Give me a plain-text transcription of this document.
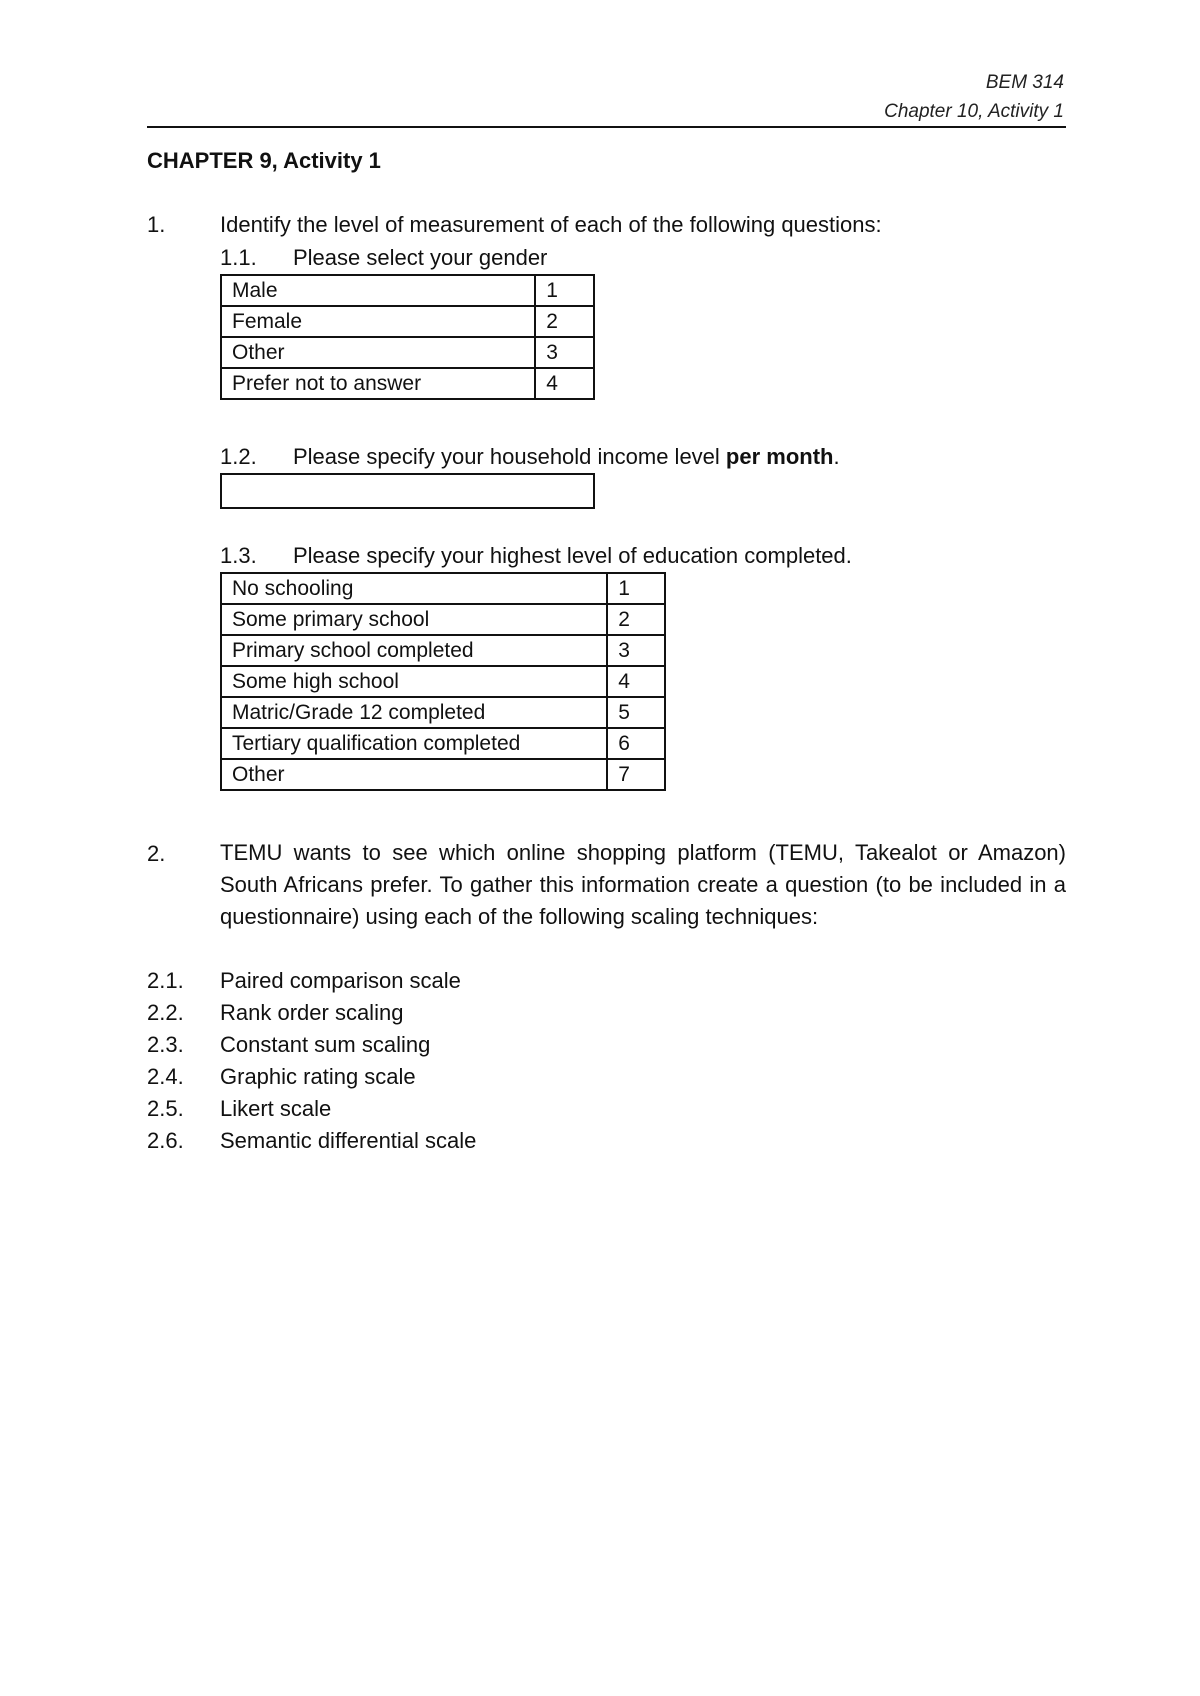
BEM 314
Chapter 10, Activity 1
CHAPTER 9, Activity 1
1. Identify the level of measurement of each of the following questions:
1.1. Please select your gender
Male	1
Female	2
Other	3
Prefer not to answer	4
1.2. Please specify your household income level per month.
1.3. Please specify your highest level of education completed.
No schooling	1
Some primary school	2
Primary school completed	3
Some high school	4
Matric/Grade 12 completed	5
Tertiary qualification completed	6
Other	7
2. TEMU wants to see which online shopping platform (TEMU, Takealot or Amazon) South Africans prefer. To gather this information create a question (to be included in a questionnaire) using each of the following scaling techniques:
2.1. Paired comparison scale
2.2. Rank order scaling
2.3. Constant sum scaling
2.4. Graphic rating scale
2.5. Likert scale
2.6. Semantic differential scale
